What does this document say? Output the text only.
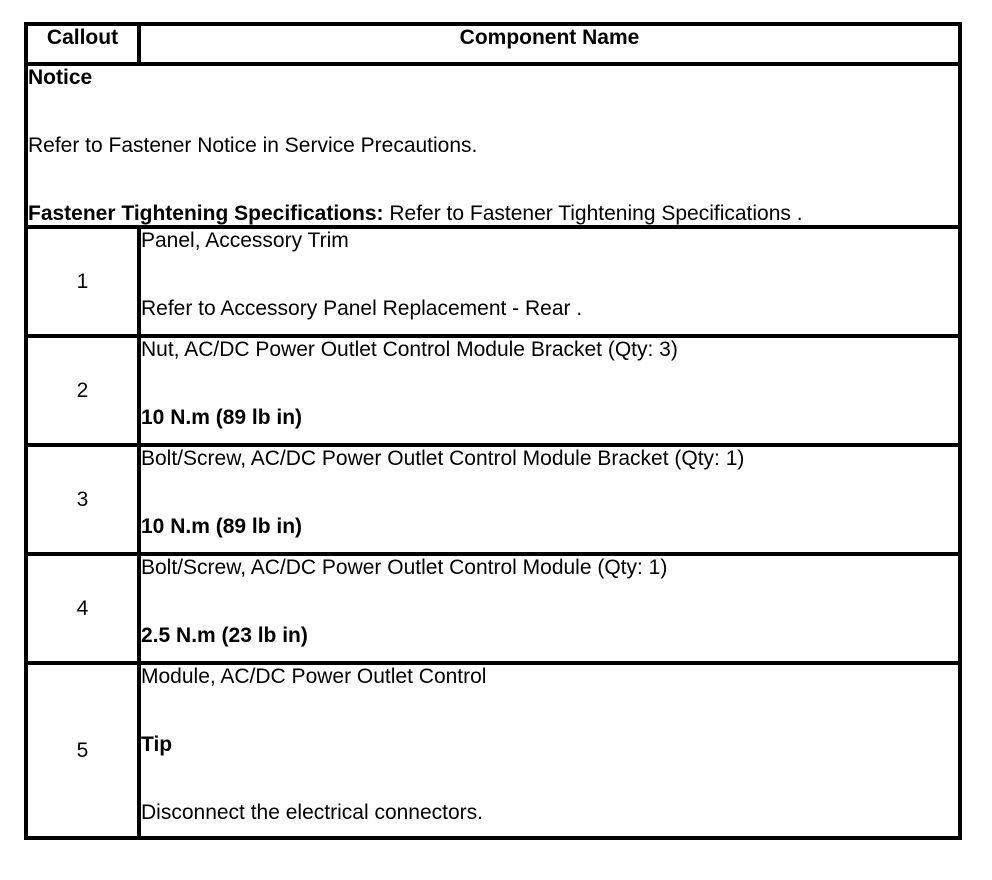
Callout	Component Name

Notice

Refer to Fastener Notice in Service Precautions.

Fastener Tightening Specifications: Refer to Fastener Tightening Specifications .	

1	Panel, Accessory Trim

Refer to Accessory Panel Replacement - Rear .

2	Nut, AC/DC Power Outlet Control Module Bracket (Qty: 3)

10 N.m (89 lb in)

3	Bolt/Screw, AC/DC Power Outlet Control Module Bracket (Qty: 1)

10 N.m (89 lb in)

4	Bolt/Screw, AC/DC Power Outlet Control Module (Qty: 1)

2.5 N.m (23 lb in)

5	Module, AC/DC Power Outlet Control

Tip

Disconnect the electrical connectors.
